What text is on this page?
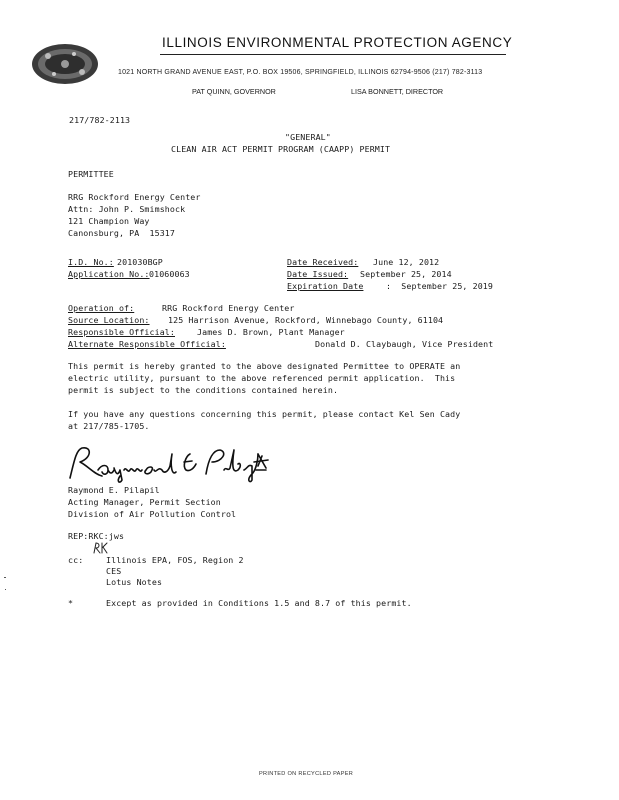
ILLINOIS ENVIRONMENTAL PROTECTION AGENCY
1021 NORTH GRAND AVENUE EAST, P.O. BOX 19506, SPRINGFIELD, ILLINOIS 62794-9506 (217) 782-3113
PAT QUINN, GOVERNOR	LISA BONNETT, DIRECTOR
217/782-2113
"GENERAL"
CLEAN AIR ACT PERMIT PROGRAM (CAAPP) PERMIT
PERMITTEE
RRG Rockford Energy Center
Attn: John P. Smimshock
121 Champion Way
Canonsburg, PA  15317
I.D. No.: 201030BGP
Application No.: 01060063
Date Received: June 12, 2012
Date Issued: September 25, 2014
Expiration Date	:  September 25, 2019
Operation of:	RRG Rockford Energy Center
Source Location: 125 Harrison Avenue, Rockford, Winnebago County, 61104
Responsible Official:	James D. Brown, Plant Manager
Alternate Responsible Official:	Donald D. Claybaugh, Vice President
This permit is hereby granted to the above designated Permittee to OPERATE an
electric utility, pursuant to the above referenced permit application.  This
permit is subject to the conditions contained herein.
If you have any questions concerning this permit, please contact Kel Sen Cady
at 217/785-1705.
Raymond E. Pilapil
Acting Manager, Permit Section
Division of Air Pollution Control
REP:RKC:jws
cc:	Illinois EPA, FOS, Region 2
CES
Lotus Notes
*	Except as provided in Conditions 1.5 and 8.7 of this permit.
PRINTED ON RECYCLED PAPER
